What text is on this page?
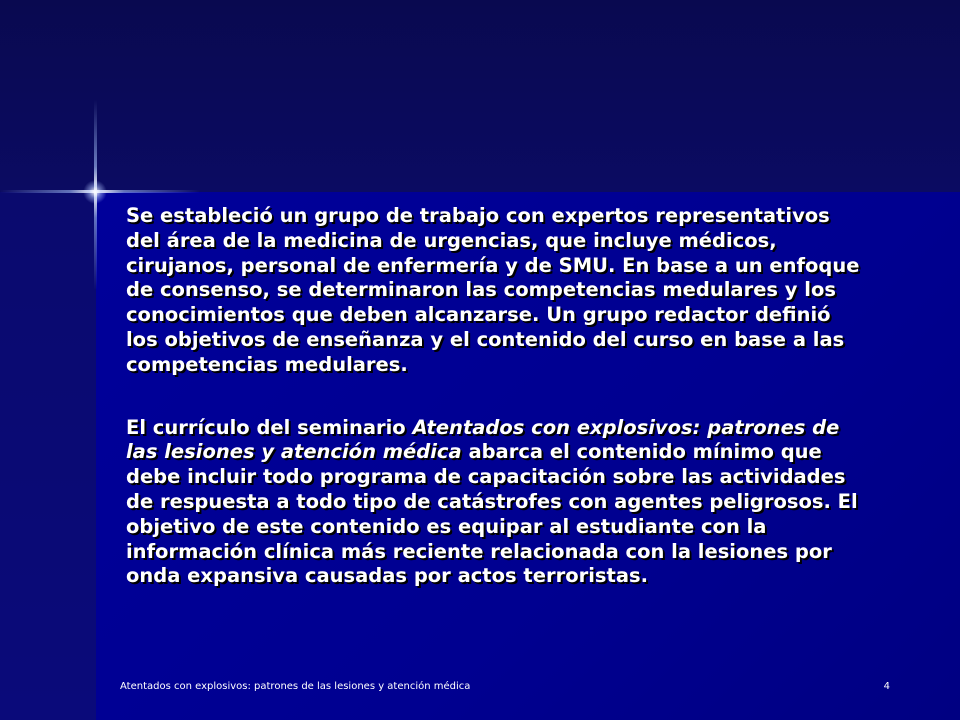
Se estableció un grupo de trabajo con expertos representativos del área de la medicina de urgencias, que incluye médicos, cirujanos, personal de enfermería y de SMU. En base a un enfoque de consenso, se determinaron las competencias medulares y los conocimientos que deben alcanzarse. Un grupo redactor definió los objetivos de enseñanza y el contenido del curso en base a las competencias medulares.

El currículo del seminario Atentados con explosivos: patrones de las lesiones y atención médica abarca el contenido mínimo que debe incluir todo programa de capacitación sobre las actividades de respuesta a todo tipo de catástrofes con agentes peligrosos. El objetivo de este contenido es equipar al estudiante con la información clínica más reciente relacionada con la lesiones por onda expansiva causadas por actos terroristas.

Atentados con explosivos: patrones de las lesiones y atención médica	4
